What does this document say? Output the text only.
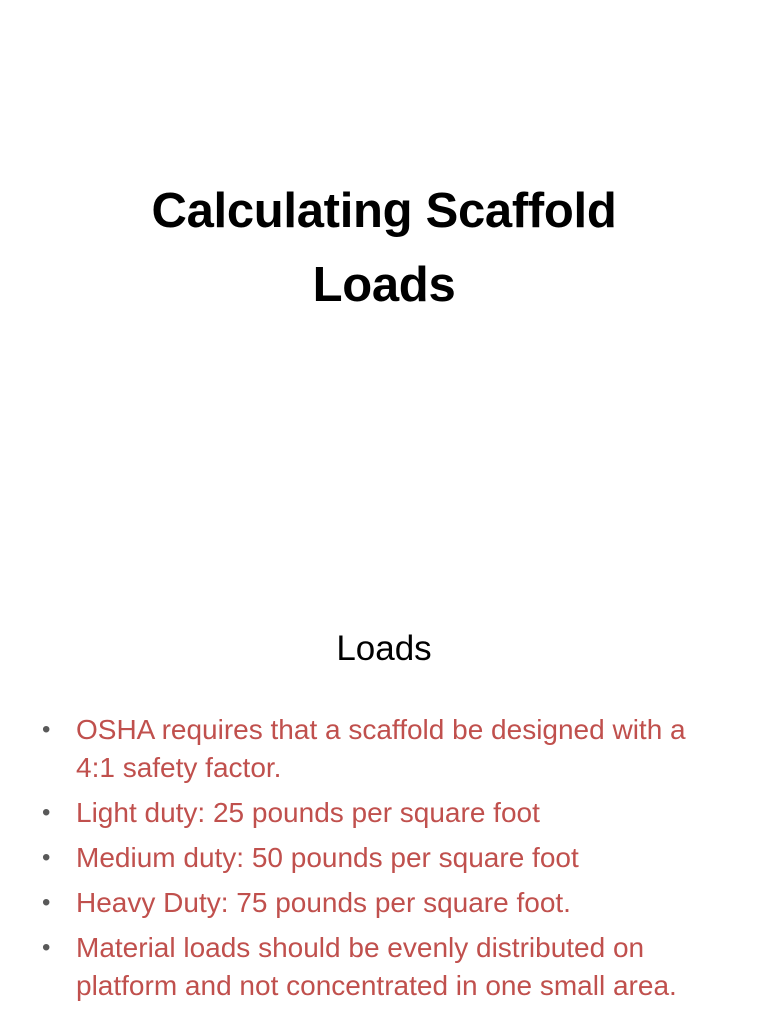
Calculating Scaffold
Loads
Loads
• OSHA requires that a scaffold be designed with a 4:1 safety factor.
• Light duty: 25 pounds per square foot
• Medium duty: 50 pounds per square foot
• Heavy Duty: 75 pounds per square foot.
• Material loads should be evenly distributed on platform and not concentrated in one small area.
